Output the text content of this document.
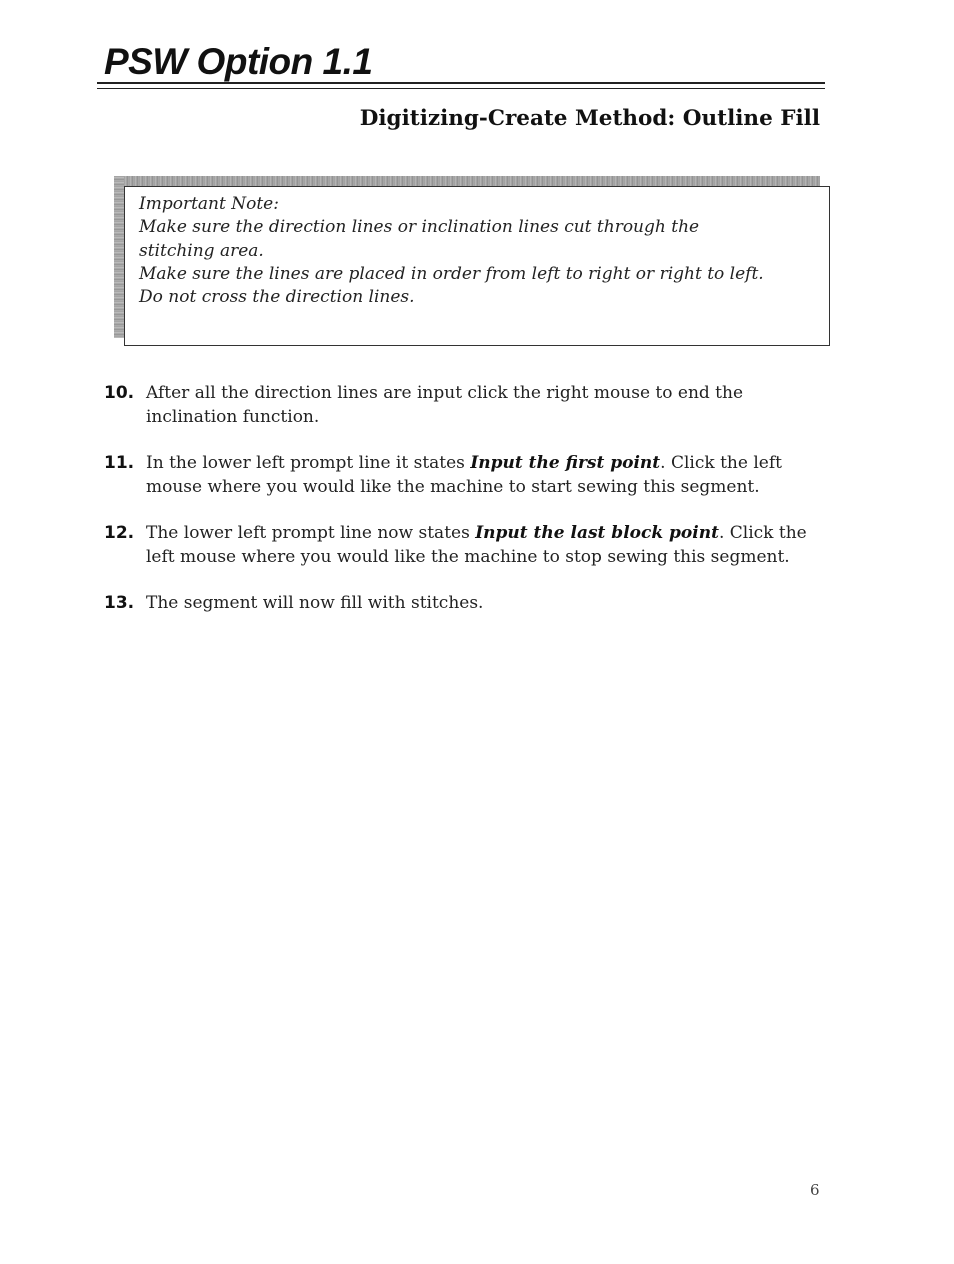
PSW Option 1.1
Digitizing-Create Method: Outline Fill
Important Note:
Make sure the direction lines or inclination lines cut through the
stitching area.
Make sure the lines are placed in order from left to right or right to left.
Do not cross the direction lines.
10. After all the direction lines are input click the right mouse to end the inclination function.
11. In the lower left prompt line it states Input the first point. Click the left mouse where you would like the machine to start sewing this segment.
12. The lower left prompt line now states Input the last block point. Click the left mouse where you would like the machine to stop sewing this segment.
13. The segment will now fill with stitches.
6
